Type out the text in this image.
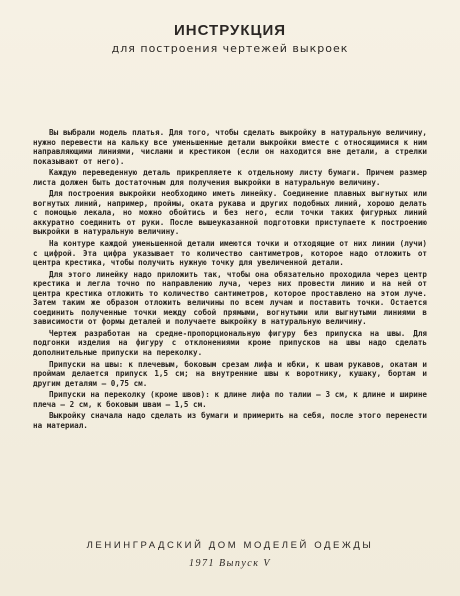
ИНСТРУКЦИЯ
для построения чертежей выкроек

Вы выбрали модель платья. Для того, чтобы сделать выкройку в натуральную величину, нужно перевести на кальку все уменьшенные детали выкройки вместе с относящимися к ним направляющими линиями, числами и крестиком (если он находится вне детали, а стрелки показывают от него).

Каждую переведенную деталь прикрепляете к отдельному листу бумаги. Причем размер листа должен быть достаточным для получения выкройки в натуральную величину.

Для построения выкройки необходимо иметь линейку. Соединение плавных выгнутых или вогнутых линий, например, проймы, оката рукава и других подобных линий, хорошо делать с помощью лекала, но можно обойтись и без него, если точки таких фигурных линий аккуратно соединить от руки. После вышеуказанной подготовки приступаете к построению выкройки в натуральную величину.

На контуре каждой уменьшенной детали имеются точки и отходящие от них линии (лучи) с цифрой. Эта цифра указывает то количество сантиметров, которое надо отложить от центра крестика, чтобы получить нужную точку для увеличенной детали.

Для этого линейку надо приложить так, чтобы она обязательно проходила через центр крестика и легла точно по направлению луча, через них провести линию и на ней от центра крестика отложить то количество сантиметров, которое проставлено на этом луче. Затем таким же образом отложить величины по всем лучам и поставить точки. Остается соединить полученные точки между собой прямыми, вогнутыми или выгнутыми линиями в зависимости от формы деталей и получаете выкройку в натуральную величину.

Чертеж разработан на средне-пропорциональную фигуру без припуска на швы. Для подгонки изделия на фигуру с отклонениями кроме припусков на швы надо сделать дополнительные припуски на переколку.

Припуски на швы: к плечевым, боковым срезам лифа и юбки, к швам рукавов, окатам и проймам делается припуск 1,5 см; на внутренние швы к воротнику, кушаку, бортам и другим деталям — 0,75 см.

Припуски на переколку (кроме швов): к длине лифа по талии — 3 см, к длине и ширине плеча — 2 см, к боковым швам — 1,5 см.

Выкройку сначала надо сделать из бумаги и примерить на себя, после этого перенести на материал.

ЛЕНИНГРАДСКИЙ ДОМ МОДЕЛЕЙ ОДЕЖДЫ
1971 Выпуск V
